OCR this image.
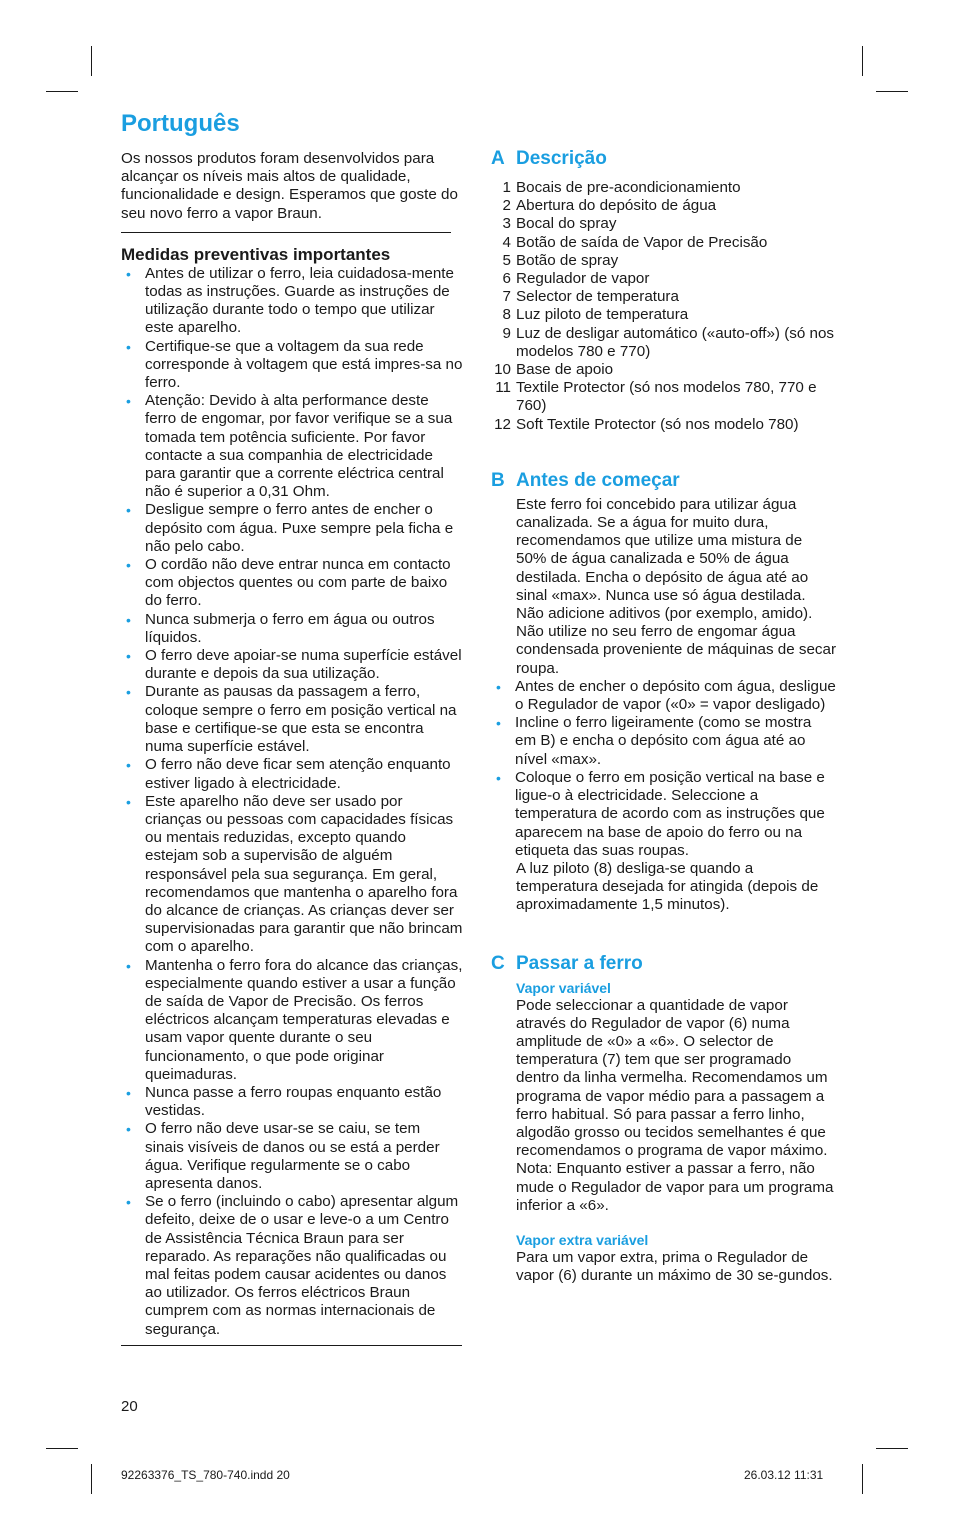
Português

Os nossos produtos foram desenvolvidos para alcançar os níveis mais altos de qualidade, funcionalidade e design. Esperamos que goste do seu novo ferro a vapor Braun.

Medidas preventivas importantes

• Antes de utilizar o ferro, leia cuidadosa-mente todas as instruções. Guarde as instruções de utilização durante todo o tempo que utilizar este aparelho.
• Certifique-se que a voltagem da sua rede corresponde à voltagem que está impres-sa no ferro.
• Atenção: Devido à alta performance deste ferro de engomar, por favor verifique se a sua tomada tem potência suficiente. Por favor contacte a sua companhia de electricidade para garantir que a corrente eléctrica central não é superior a 0,31 Ohm.
• Desligue sempre o ferro antes de encher o depósito com água. Puxe sempre pela ficha e não pelo cabo.
• O cordão não deve entrar nunca em contacto com objectos quentes ou com parte de baixo do ferro.
• Nunca submerja o ferro em água ou outros líquidos.
• O ferro deve apoiar-se numa superfície estável durante e depois da sua utilização.
• Durante as pausas da passagem a ferro, coloque sempre o ferro em posição vertical na base e certifique-se que esta se encontra numa superfície estável.
• O ferro não deve ficar sem atenção enquanto estiver ligado à electricidade.
• Este aparelho não deve ser usado por crianças ou pessoas com capacidades físicas ou mentais reduzidas, excepto quando estejam sob a supervisão de alguém responsável pela sua segurança. Em geral, recomendamos que mantenha o aparelho fora do alcance de crianças. As crianças dever ser supervisionadas para garantir que não brincam com o aparelho.
• Mantenha o ferro fora do alcance das crianças, especialmente quando estiver a usar a função de saída de Vapor de Precisão. Os ferros eléctricos alcançam temperaturas elevadas e usam vapor quente durante o seu funcionamento, o que pode originar queimaduras.
• Nunca passe a ferro roupas enquanto estão vestidas.
• O ferro não deve usar-se se caiu, se tem sinais visíveis de danos ou se está a perder água. Verifique regularmente se o cabo apresenta danos.
• Se o ferro (incluindo o cabo) apresentar algum defeito, deixe de o usar e leve-o a um Centro de Assistência Técnica Braun para ser reparado. As reparações não qualificadas ou mal feitas podem causar acidentes ou danos ao utilizador. Os ferros eléctricos Braun cumprem com as normas internacionais de segurança.
A Descrição
1 Bocais de pre-acondicionamiento
2 Abertura do depósito de água
3 Bocal do spray
4 Botão de saída de Vapor de Precisão
5 Botão de spray
6 Regulador de vapor
7 Selector de temperatura
8 Luz piloto de temperatura
9 Luz de desligar automático («auto-off») (só nos modelos 780 e 770)
10 Base de apoio
11 Textile Protector (só nos modelos 780, 770 e 760)
12 Soft Textile Protector (só nos modelo 780)
B Antes de começar

Este ferro foi concebido para utilizar água canalizada. Se a água for muito dura, recomendamos que utilize uma mistura de 50% de água canalizada e 50% de água destilada. Encha o depósito de água até ao sinal «max». Nunca use só água destilada. Não adicione aditivos (por exemplo, amido). Não utilize no seu ferro de engomar água condensada proveniente de máquinas de secar roupa.

• Antes de encher o depósito com água, desligue o Regulador de vapor («0» = vapor desligado)
• Incline o ferro ligeiramente (como se mostra em B) e encha o depósito com água até ao nível «max».
• Coloque o ferro em posição vertical na base e ligue-o à electricidade. Seleccione a temperatura de acordo com as instruções que aparecem na base de apoio do ferro ou na etiqueta das suas roupas.

A luz piloto (8) desliga-se quando a temperatura desejada for atingida (depois de aproximadamente 1,5 minutos).

C Passar a ferro

Vapor variável

Pode seleccionar a quantidade de vapor através do Regulador de vapor (6) numa amplitude de «0» a «6». O selector de temperatura (7) tem que ser programado dentro da linha vermelha. Recomendamos um programa de vapor médio para a passagem a ferro habitual. Só para passar a ferro linho, algodão grosso ou tecidos semelhantes é que recomendamos o programa de vapor máximo.

Nota: Enquanto estiver a passar a ferro, não mude o Regulador de vapor para um programa inferior a «6».

Vapor extra variável

Para um vapor extra, prima o Regulador de vapor (6) durante un máximo de 30 se-gundos.

20
92263376_TS_780-740.indd 20	26.03.12 11:31
